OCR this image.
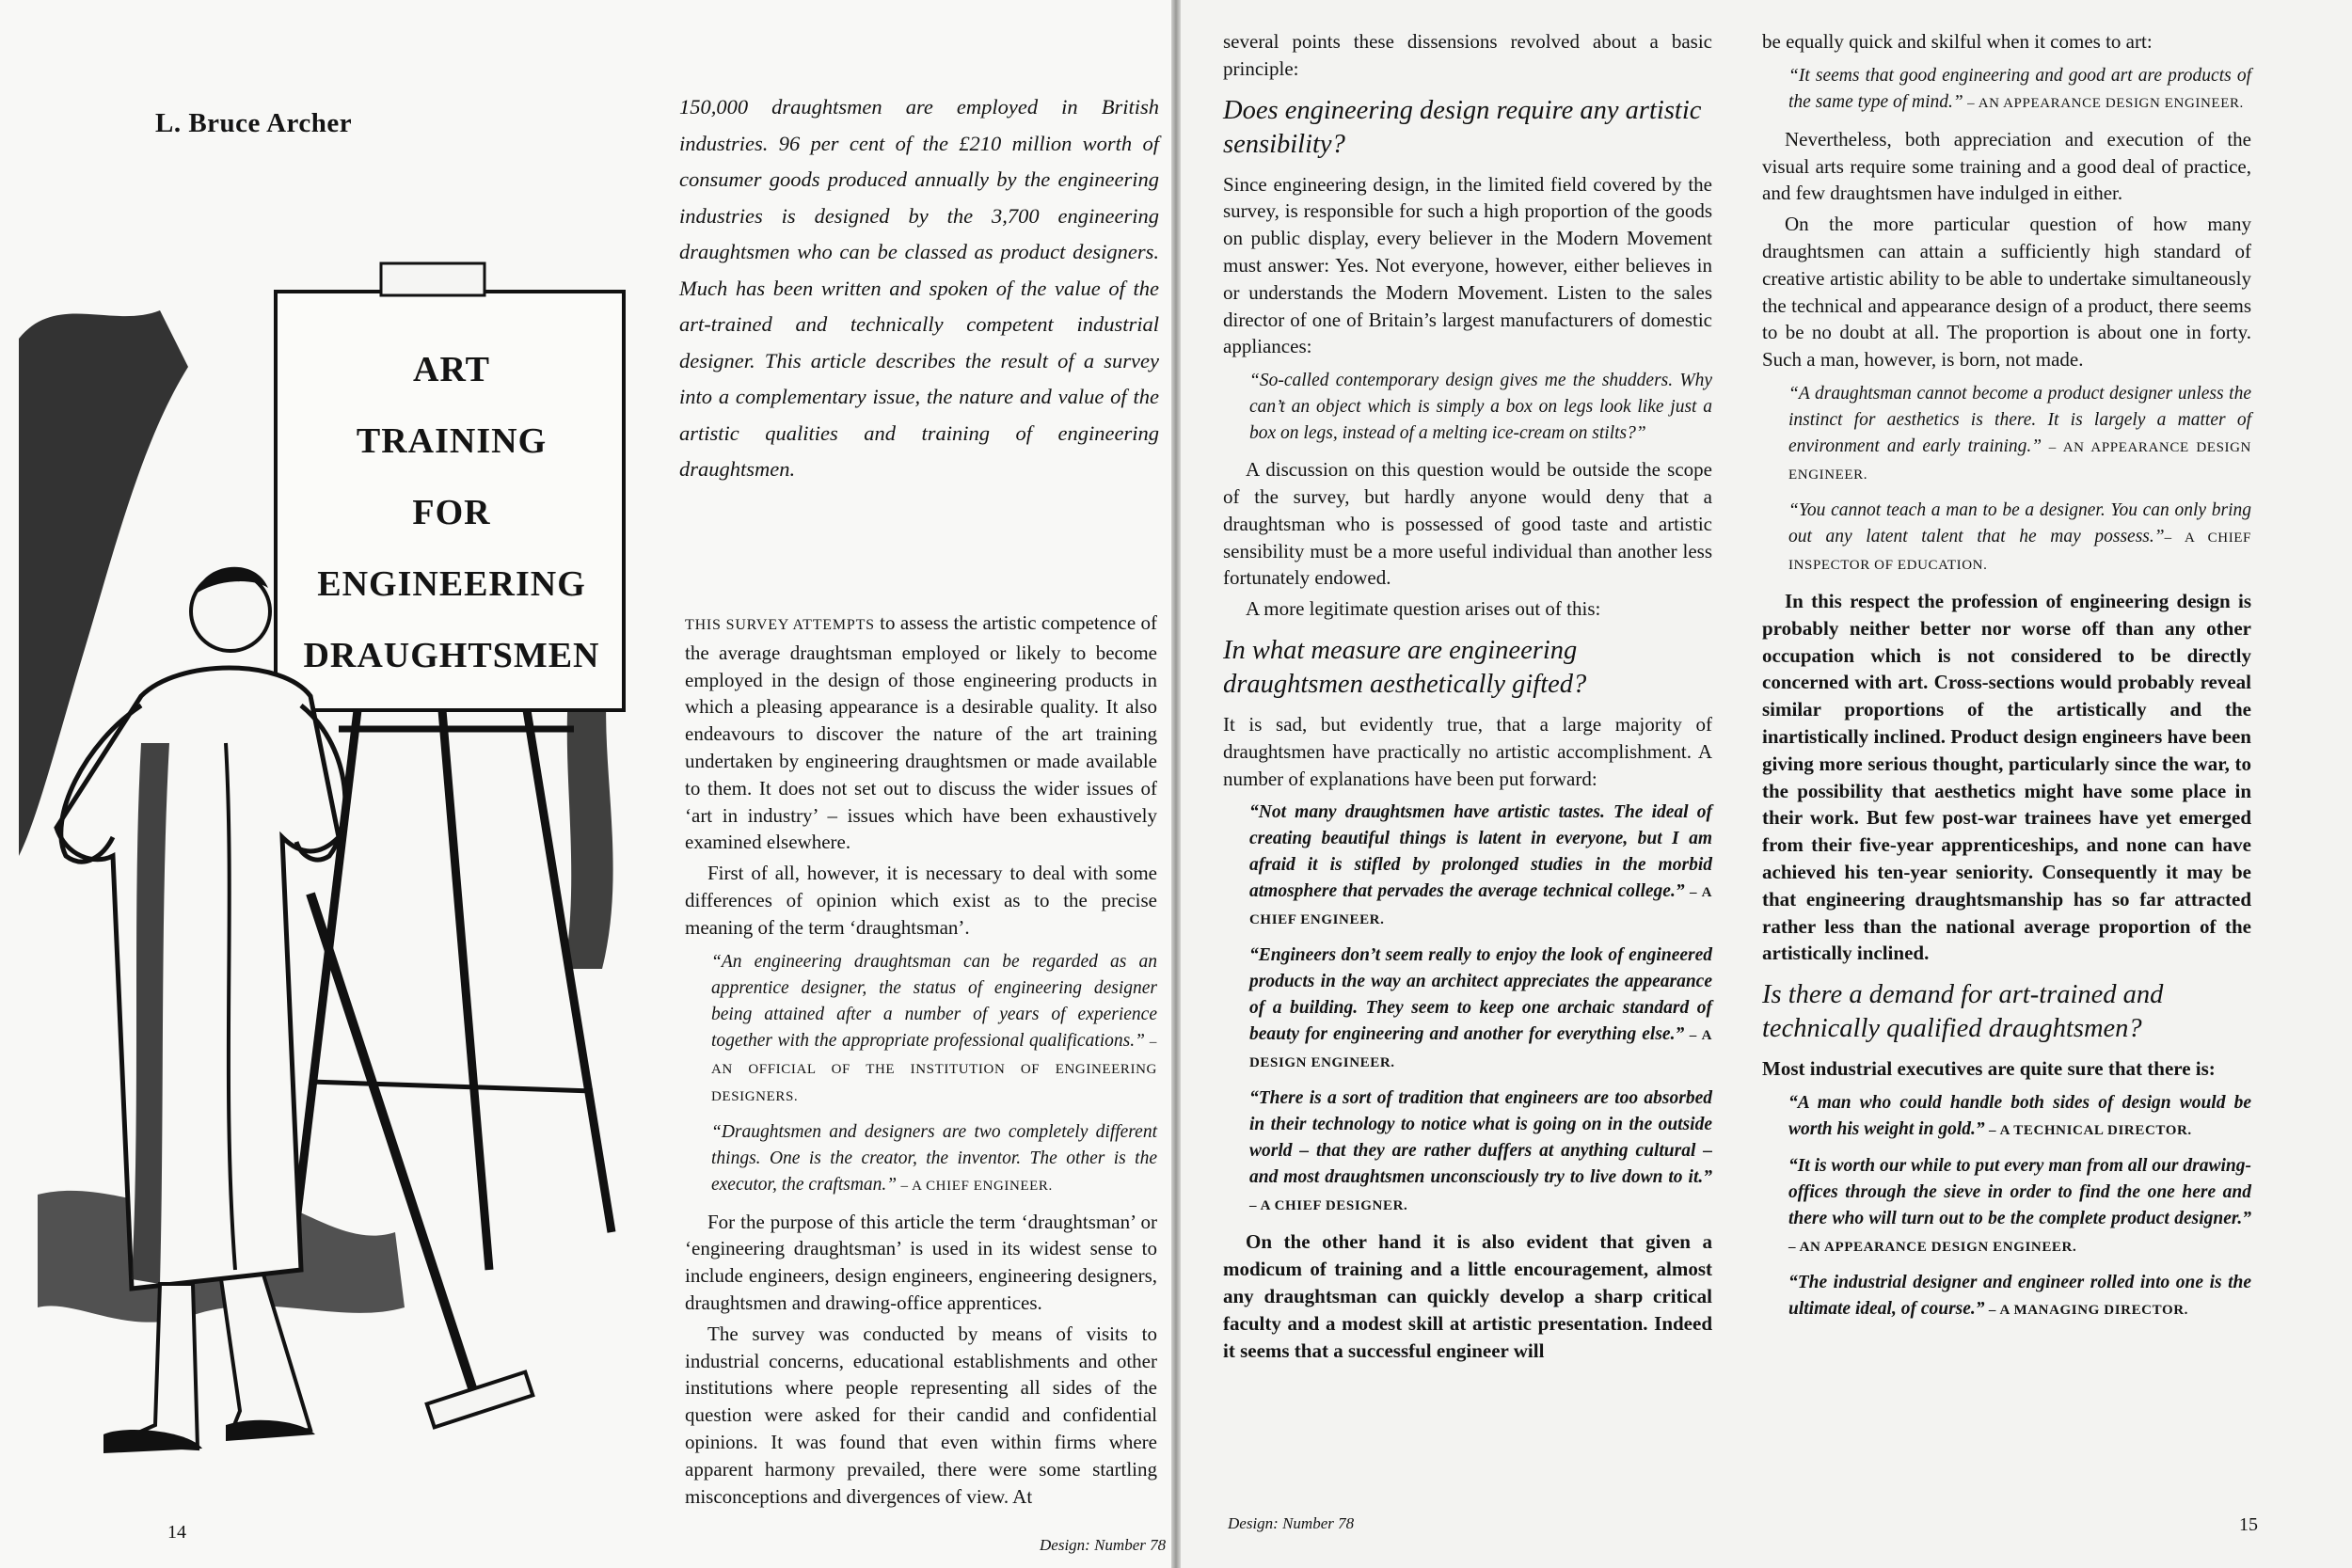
L. Bruce Archer
ART
TRAINING
FOR
ENGINEERING
DRAUGHTSMEN

150,000 draughtsmen are employed in British industries. 96 per cent of the £210 million worth of consumer goods produced annually by the engineering industries is designed by the 3,700 engineering draughtsmen who can be classed as product designers. Much has been written and spoken of the value of the art-trained and technically competent industrial designer. This article describes the result of a survey into a complementary issue, the nature and value of the artistic qualities and training of engineering draughtsmen.

THIS SURVEY ATTEMPTS to assess the artistic competence of the average draughtsman employed or likely to become employed in the design of those engineering products in which a pleasing appearance is a desirable quality. It also endeavours to discover the nature of the art training undertaken by engineering draughtsmen or made available to them. It does not set out to discuss the wider issues of ‘art in industry’ – issues which have been exhaustively examined elsewhere.

First of all, however, it is necessary to deal with some differences of opinion which exist as to the precise meaning of the term ‘draughtsman’.

“An engineering draughtsman can be regarded as an apprentice designer, the status of engineering designer being attained after a number of years of experience together with the appropriate professional qualifications.” – AN OFFICIAL OF THE INSTITUTION OF ENGINEERING DESIGNERS.

“Draughtsmen and designers are two completely different things. One is the creator, the inventor. The other is the executor, the craftsman.” – A CHIEF ENGINEER.

For the purpose of this article the term ‘draughtsman’ or ‘engineering draughtsman’ is used in its widest sense to include engineers, design engineers, engineering designers, draughtsmen and drawing-office apprentices.

The survey was conducted by means of visits to industrial concerns, educational establishments and other institutions where people representing all sides of the question were asked for their candid and confidential opinions. It was found that even within firms where apparent harmony prevailed, there were some startling misconceptions and divergences of view. At

14
Design: Number 78

several points these dissensions revolved about a basic principle:

Does engineering design require any artistic sensibility?

Since engineering design, in the limited field covered by the survey, is responsible for such a high proportion of the goods on public display, every believer in the Modern Movement must answer: Yes. Not everyone, however, either believes in or understands the Modern Movement. Listen to the sales director of one of Britain’s largest manufacturers of domestic appliances:

“So-called contemporary design gives me the shudders. Why can’t an object which is simply a box on legs look like just a box on legs, instead of a melting ice-cream on stilts?”

A discussion on this question would be outside the scope of the survey, but hardly anyone would deny that a draughtsman who is possessed of good taste and artistic sensibility must be a more useful individual than another less fortunately endowed.

A more legitimate question arises out of this:

In what measure are engineering draughtsmen aesthetically gifted?

It is sad, but evidently true, that a large majority of draughtsmen have practically no artistic accomplishment. A number of explanations have been put forward:

“Not many draughtsmen have artistic tastes. The ideal of creating beautiful things is latent in everyone, but I am afraid it is stifled by prolonged studies in the morbid atmosphere that pervades the average technical college.” – A CHIEF ENGINEER.

“Engineers don’t seem really to enjoy the look of engineered products in the way an architect appreciates the appearance of a building. They seem to keep one archaic standard of beauty for engineering and another for everything else.” – A DESIGN ENGINEER.

“There is a sort of tradition that engineers are too absorbed in their technology to notice what is going on in the outside world – that they are rather duffers at anything cultural – and most draughtsmen unconsciously try to live down to it.” – A CHIEF DESIGNER.

On the other hand it is also evident that given a modicum of training and a little encouragement, almost any draughtsman can quickly develop a sharp critical faculty and a modest skill at artistic presentation. Indeed it seems that a successful engineer will

be equally quick and skilful when it comes to art:

“It seems that good engineering and good art are products of the same type of mind.” – AN APPEARANCE DESIGN ENGINEER.

Nevertheless, both appreciation and execution of the visual arts require some training and a good deal of practice, and few draughtsmen have indulged in either.

On the more particular question of how many draughtsmen can attain a sufficiently high standard of creative artistic ability to be able to undertake simultaneously the technical and appearance design of a product, there seems to be no doubt at all. The proportion is about one in forty. Such a man, however, is born, not made.

“A draughtsman cannot become a product designer unless the instinct for aesthetics is there. It is largely a matter of environment and early training.” – AN APPEARANCE DESIGN ENGINEER.

“You cannot teach a man to be a designer. You can only bring out any latent talent that he may possess.”– A CHIEF INSPECTOR OF EDUCATION.

In this respect the profession of engineering design is probably neither better nor worse off than any other occupation which is not considered to be directly concerned with art. Cross-sections would probably reveal similar proportions of the artistically and the inartistically inclined. Product design engineers have been giving more serious thought, particularly since the war, to the possibility that aesthetics might have some place in their work. But few post-war trainees have yet emerged from their five-year apprenticeships, and none can have achieved his ten-year seniority. Consequently it may be that engineering draughtsmanship has so far attracted rather less than the national average proportion of the artistically inclined.

Is there a demand for art-trained and technically qualified draughtsmen?

Most industrial executives are quite sure that there is:

“A man who could handle both sides of design would be worth his weight in gold.” – A TECHNICAL DIRECTOR.

“It is worth our while to put every man from all our drawing-offices through the sieve in order to find the one here and there who will turn out to be the complete product designer.” – AN APPEARANCE DESIGN ENGINEER.

“The industrial designer and engineer rolled into one is the ultimate ideal, of course.” – A MANAGING DIRECTOR.

Design: Number 78	15
